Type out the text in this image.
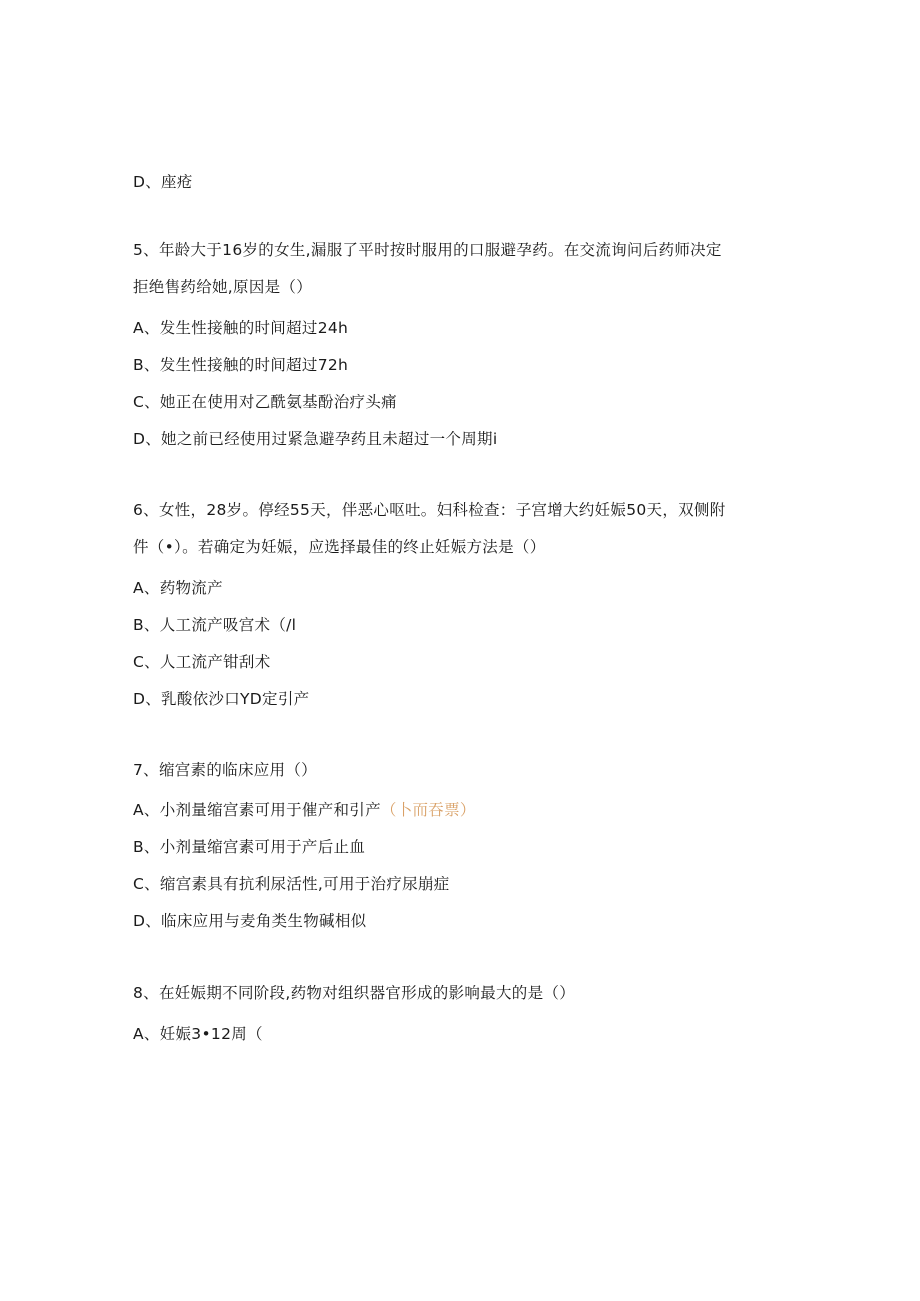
D、座疮
5、年龄大于16岁的女生,漏服了平时按时服用的口服避孕药。在交流询问后药师决定
拒绝售药给她,原因是（）
A、发生性接触的时间超过24h
B、发生性接触的时间超过72h
C、她正在使用对乙酰氨基酚治疗头痛
D、她之前已经使用过紧急避孕药且未超过一个周期i
6、女性，28岁。停经55天，伴恶心呕吐。妇科检查：子宫增大约妊娠50天，双侧附
件（•）。若确定为妊娠，应选择最佳的终止妊娠方法是（）
A、药物流产
B、人工流产吸宫术（/l
C、人工流产钳刮术
D、乳酸依沙口YD定引产
7、缩宫素的临床应用（）
A、小剂量缩宫素可用于催产和引产（卜而吞票）
B、小剂量缩宫素可用于产后止血
C、缩宫素具有抗利尿活性,可用于治疗尿崩症
D、临床应用与麦角类生物碱相似
8、在妊娠期不同阶段,药物对组织器官形成的影响最大的是（）
A、妊娠3•12周（
